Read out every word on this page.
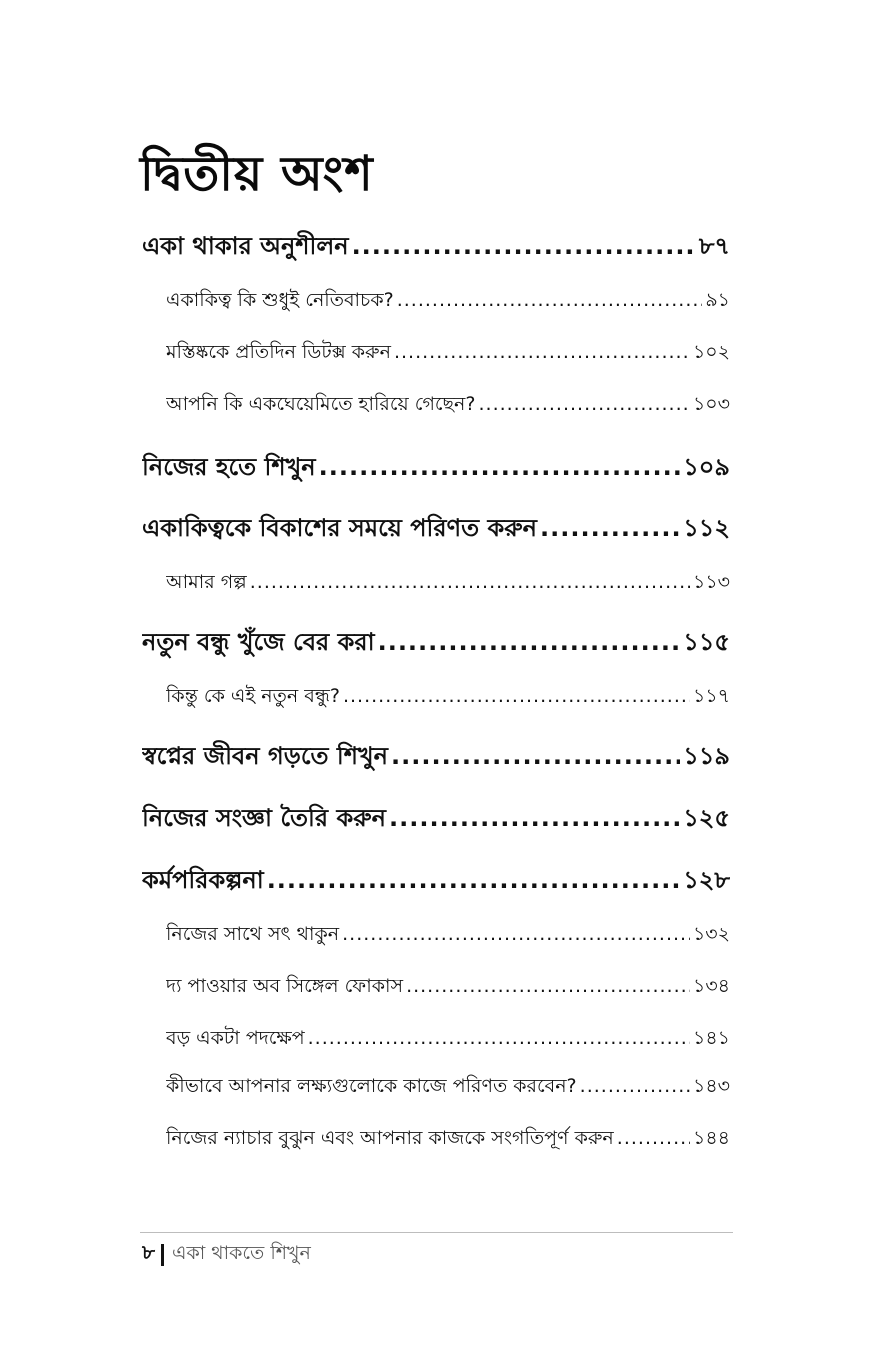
দ্বিতীয় অংশ
একা থাকার অনুশীলন .....	৮৭
একাকিত্ব কি শুধুই নেতিবাচক? .....	৯১
মস্তিষ্ককে প্রতিদিন ডিটক্স করুন .....	১০২
আপনি কি একঘেয়েমিতে হারিয়ে গেছেন? .....	১০৩
নিজের হতে শিখুন .....	১০৯
একাকিত্বকে বিকাশের সময়ে পরিণত করুন .....	১১২
আমার গল্প .....	১১৩
নতুন বন্ধু খুঁজে বের করা .....	১১৫
কিন্তু কে এই নতুন বন্ধু? .....	১১৭
স্বপ্নের জীবন গড়তে শিখুন .....	১১৯
নিজের সংজ্ঞা তৈরি করুন .....	১২৫
কর্মপরিকল্পনা .....	১২৮
নিজের সাথে সৎ থাকুন .....	১৩২
দ্য পাওয়ার অব সিঙ্গেল ফোকাস .....	১৩৪
বড় একটা পদক্ষেপ .....	১৪১
কীভাবে আপনার লক্ষ্যগুলোকে কাজে পরিণত করবেন? .....	১৪৩
নিজের ন্যাচার বুঝুন এবং আপনার কাজকে সংগতিপূর্ণ করুন .....	১৪৪
৮ একা থাকতে শিখুন
